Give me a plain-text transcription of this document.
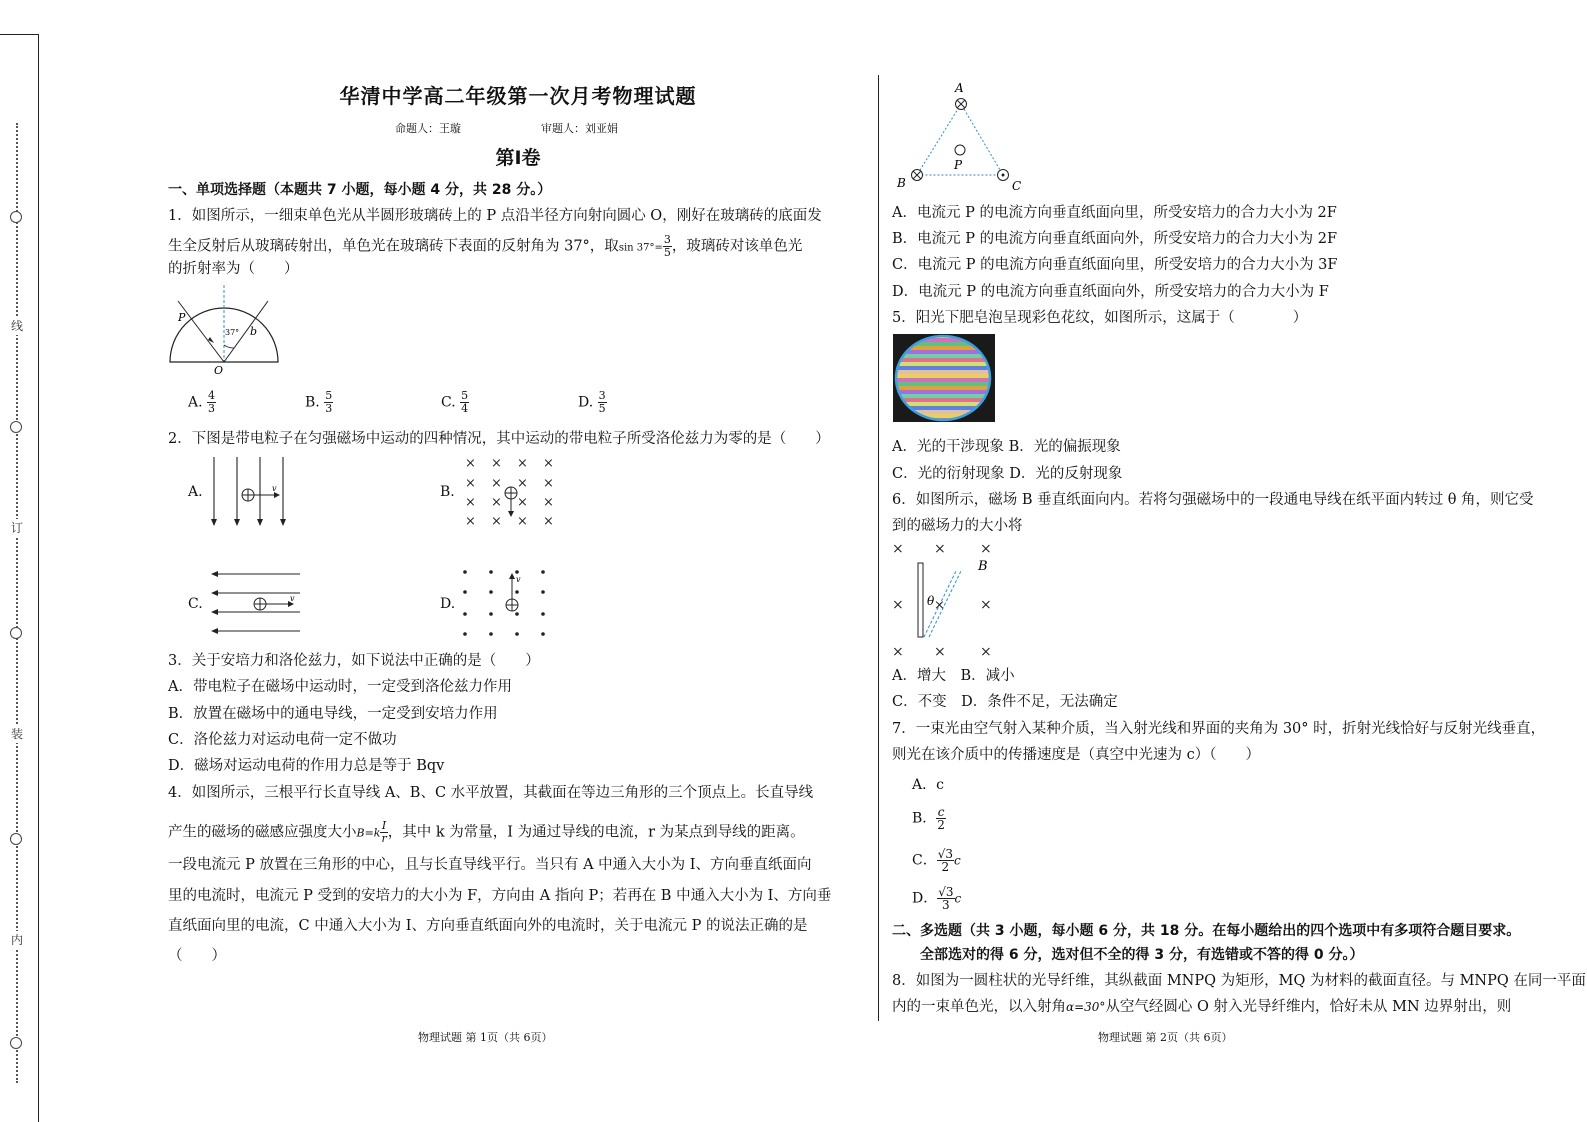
线
订
装
内
华清中学高二年级第一次月考物理试题
命题人：王璇	审题人：刘亚娟
第Ⅰ卷
一、单项选择题（本题共 7 小题，每小题 4 分，共 28 分。）
1．如图所示，一细束单色光从半圆形玻璃砖上的 P 点沿半径方向射向圆心 O，刚好在玻璃砖的底面发
生全反射后从玻璃砖射出，单色光在玻璃砖下表面的反射角为 37°，取$\sin 37^\circ= \frac{3}{5}$ ，玻璃砖对该单色光
的折射率为（　　）
P
b
37°
O
A. $\frac{4}{3}$	B. $\frac{5}{3}$	C. $\frac{5}{4}$	D. $\frac{3}{5}$
2．下图是带电粒子在匀强磁场中运动的四种情况，其中运动的带电粒子所受洛伦兹力为零的是（　　）
A.	v	B.
×
×
×
×
×
×
×
×
×
×
×
×
×
×
×
×
C.	v	D.
v
3．关于安培力和洛伦兹力，如下说法中正确的是（　　）
A．带电粒子在磁场中运动时，一定受到洛伦兹力作用
B．放置在磁场中的通电导线，一定受到安培力作用
C．洛伦兹力对运动电荷一定不做功
D．磁场对运动电荷的作用力总是等于 Bqv
4．如图所示，三根平行长直导线 A、B、C 水平放置，其截面在等边三角形的三个顶点上。长直导线
产生的磁场的磁感应强度大小$B=k \frac{I}{r}$ ，其中 k 为常量，I 为通过导线的电流，r 为某点到导线的距离。
一段电流元 P 放置在三角形的中心，且与长直导线平行。当只有 A 中通入大小为 I、方向垂直纸面向
里的电流时，电流元 P 受到的安培力的大小为 F，方向由 A 指向 P；若再在 B 中通入大小为 I、方向垂
直纸面向里的电流，C 中通入大小为 I、方向垂直纸面向外的电流时，关于电流元 P 的说法正确的是
（　　）
物理试题 第 1页（共 6页）
A
B	C
P
A．电流元 P 的电流方向垂直纸面向里，所受安培力的合力大小为 2F
B．电流元 P 的电流方向垂直纸面向外，所受安培力的合力大小为 2F
C．电流元 P 的电流方向垂直纸面向里，所受安培力的合力大小为 3F
D．电流元 P 的电流方向垂直纸面向外，所受安培力的合力大小为 F
5．阳光下肥皂泡呈现彩色花纹，如图所示，这属于（　　　　）
A．光的干涉现象 B．光的偏振现象
C．光的衍射现象 D．光的反射现象
6．如图所示，磁场 B 垂直纸面向内。若将匀强磁场中的一段通电导线在纸平面内转过 θ 角，则它受
到的磁场力的大小将
× × ×
×	×
× × ×
×
θ
B
A．增大　B．减小
C．不变　D．条件不足，无法确定
7．一束光由空气射入某种介质，当入射光线和界面的夹角为 30° 时，折射光线恰好与反射光线垂直，
则光在该介质中的传播速度是（真空中光速为 c）（　　）
A．c
B． $\frac{c}{2}$
C． $\frac{√3}{2}$ c
D． $\frac{√3}{3}$ c
二、多选题（共 3 小题，每小题 6 分，共 18 分。在每小题给出的四个选项中有多项符合题目要求。
全部选对的得 6 分，选对但不全的得 3 分，有选错或不答的得 0 分。）
8．如图为一圆柱状的光导纤维，其纵截面 MNPQ 为矩形，MQ 为材料的截面直径。与 MNPQ 在同一平面
内的一束单色光，以入射角α=30°从空气经圆心 O 射入光导纤维内，恰好未从 MN 边界射出，则
物理试题 第 2页（共 6页）
